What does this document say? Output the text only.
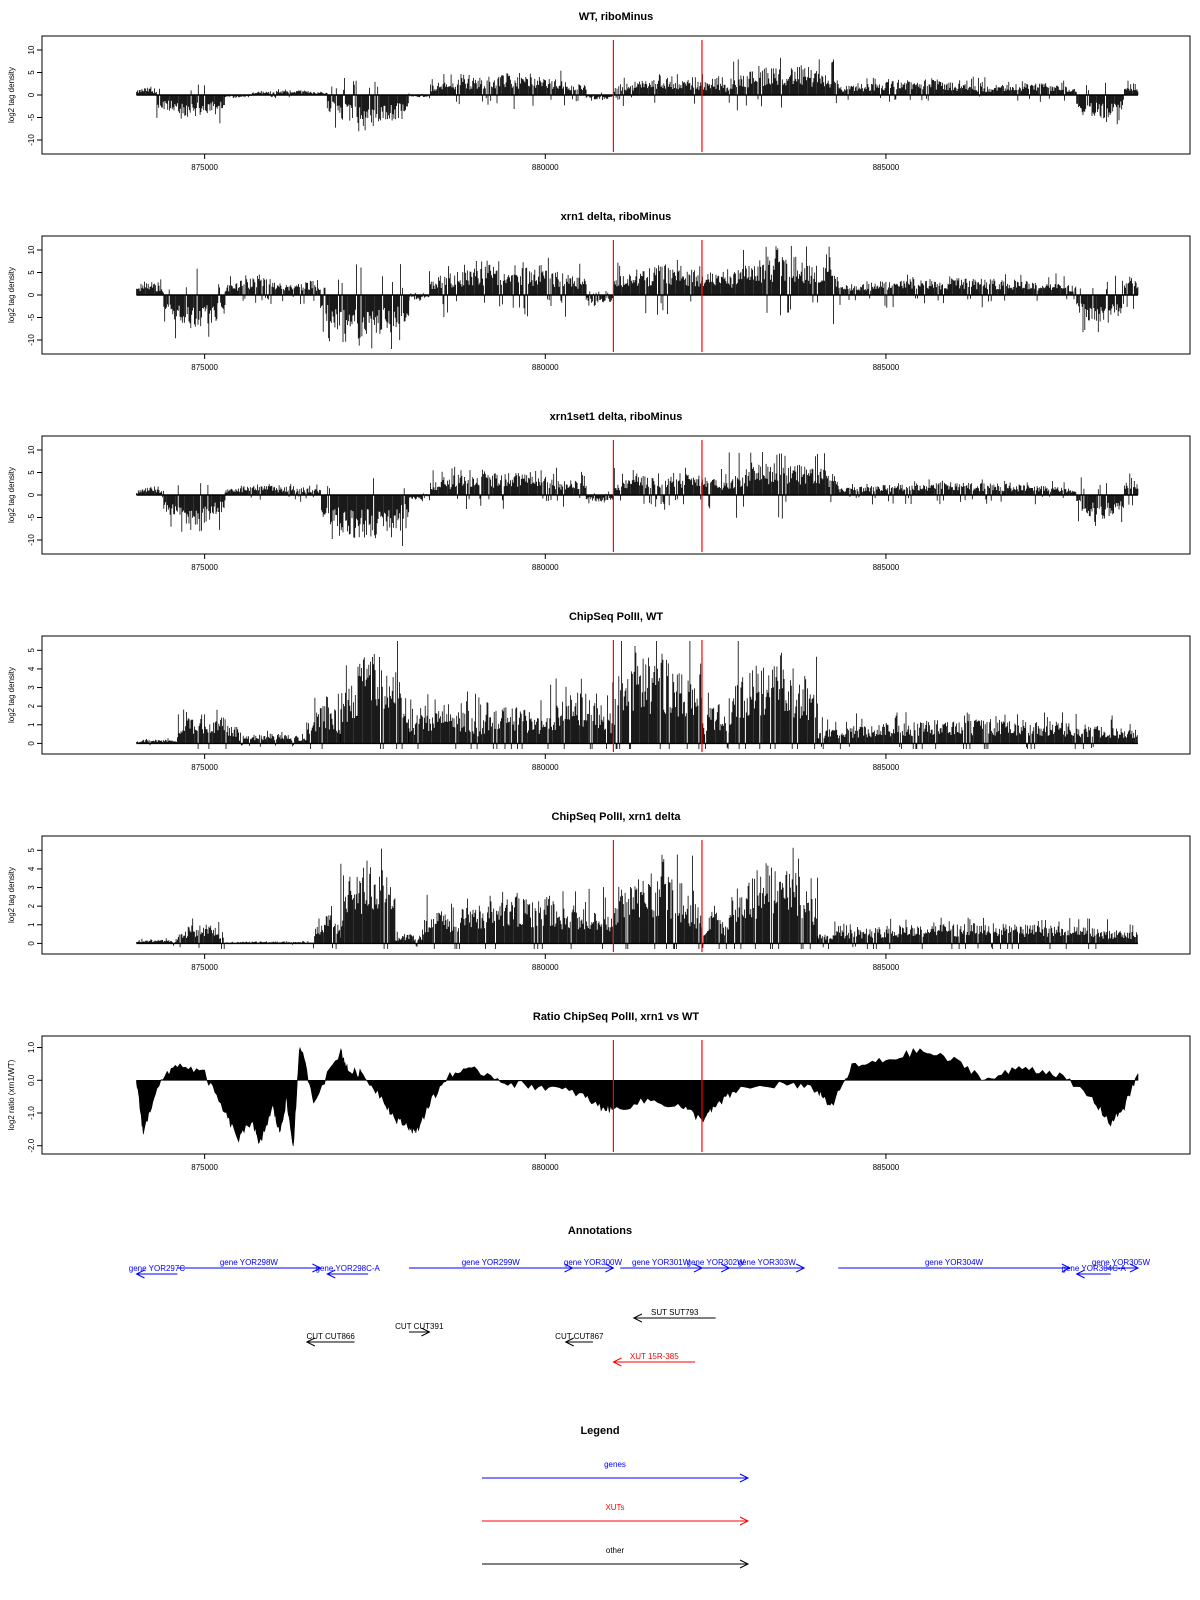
WT, riboMinus
-10
-5
0
5
10
log2 tag density
875000	880000	885000
xrn1 delta, riboMinus
-10
-5
0
5
10
log2 tag density
875000	880000	885000
xrn1set1 delta, riboMinus
-10
-5
0
5
10
log2 tag density
875000	880000	885000
ChipSeq PolII, WT
0
1
2
3
4
5
log2 tag density
875000	880000	885000
ChipSeq PolII, xrn1 delta
0
1
2
3
4
5
log2 tag density
875000	880000	885000
Ratio ChipSeq PolII, xrn1 vs WT
-2.0
-1.0
0.0
1.0
log2 ratio (xrn1/WT)
875000	880000	885000
Annotations
gene YOR297C
gene YOR298W
gene YOR298C-A
gene YOR299W	gene YOR300W gene YOR301W
gene YOR302W
gene YOR303W	gene YOR304W
gene YOR304C-A
gene YOR305W
SUT SUT793
CUT CUT391
CUT CUT866	CUT CUT867
XUT 15R-385
Legend
genes
XUTs
other
